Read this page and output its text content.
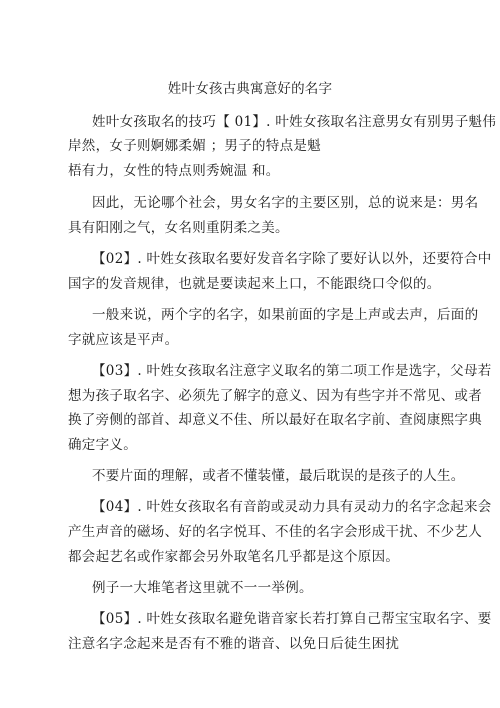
姓叶女孩古典寓意好的名字
姓叶女孩取名的技巧【 01】. 叶姓女孩取名注意男女有别男子魁伟
岸然，女子则婀娜柔媚 ；男子的特点是魁
梧有力，女性的特点则秀婉温 和。
因此，无论哪个社会，男女名字的主要区别，总的说来是：男名
具有阳刚之气，女名则重阴柔之美。
【02】. 叶姓女孩取名要好发音名字除了要好认以外，还要符合中
国字的发音规律，也就是要读起来上口，不能跟绕口令似的。
一般来说，两个字的名字，如果前面的字是上声或去声，后面的
字就应该是平声。
【03】. 叶姓女孩取名注意字义取名的第二项工作是选字，父母若
想为孩子取名字、必须先了解字的意义、因为有些字并不常见、或者
换了旁侧的部首、却意义不佳、所以最好在取名字前、查阅康熙字典
确定字义。
不要片面的理解，或者不懂装懂，最后耽误的是孩子的人生。
【04】. 叶姓女孩取名有音韵或灵动力具有灵动力的名字念起来会
产生声音的磁场、好的名字悦耳、不佳的名字会形成干扰、不少艺人
都会起艺名或作家都会另外取笔名几乎都是这个原因。
例子一大堆笔者这里就不一一举例。
【05】. 叶姓女孩取名避免谐音家长若打算自己帮宝宝取名字、要
注意名字念起来是否有不雅的谐音、以免日后徒生困扰
